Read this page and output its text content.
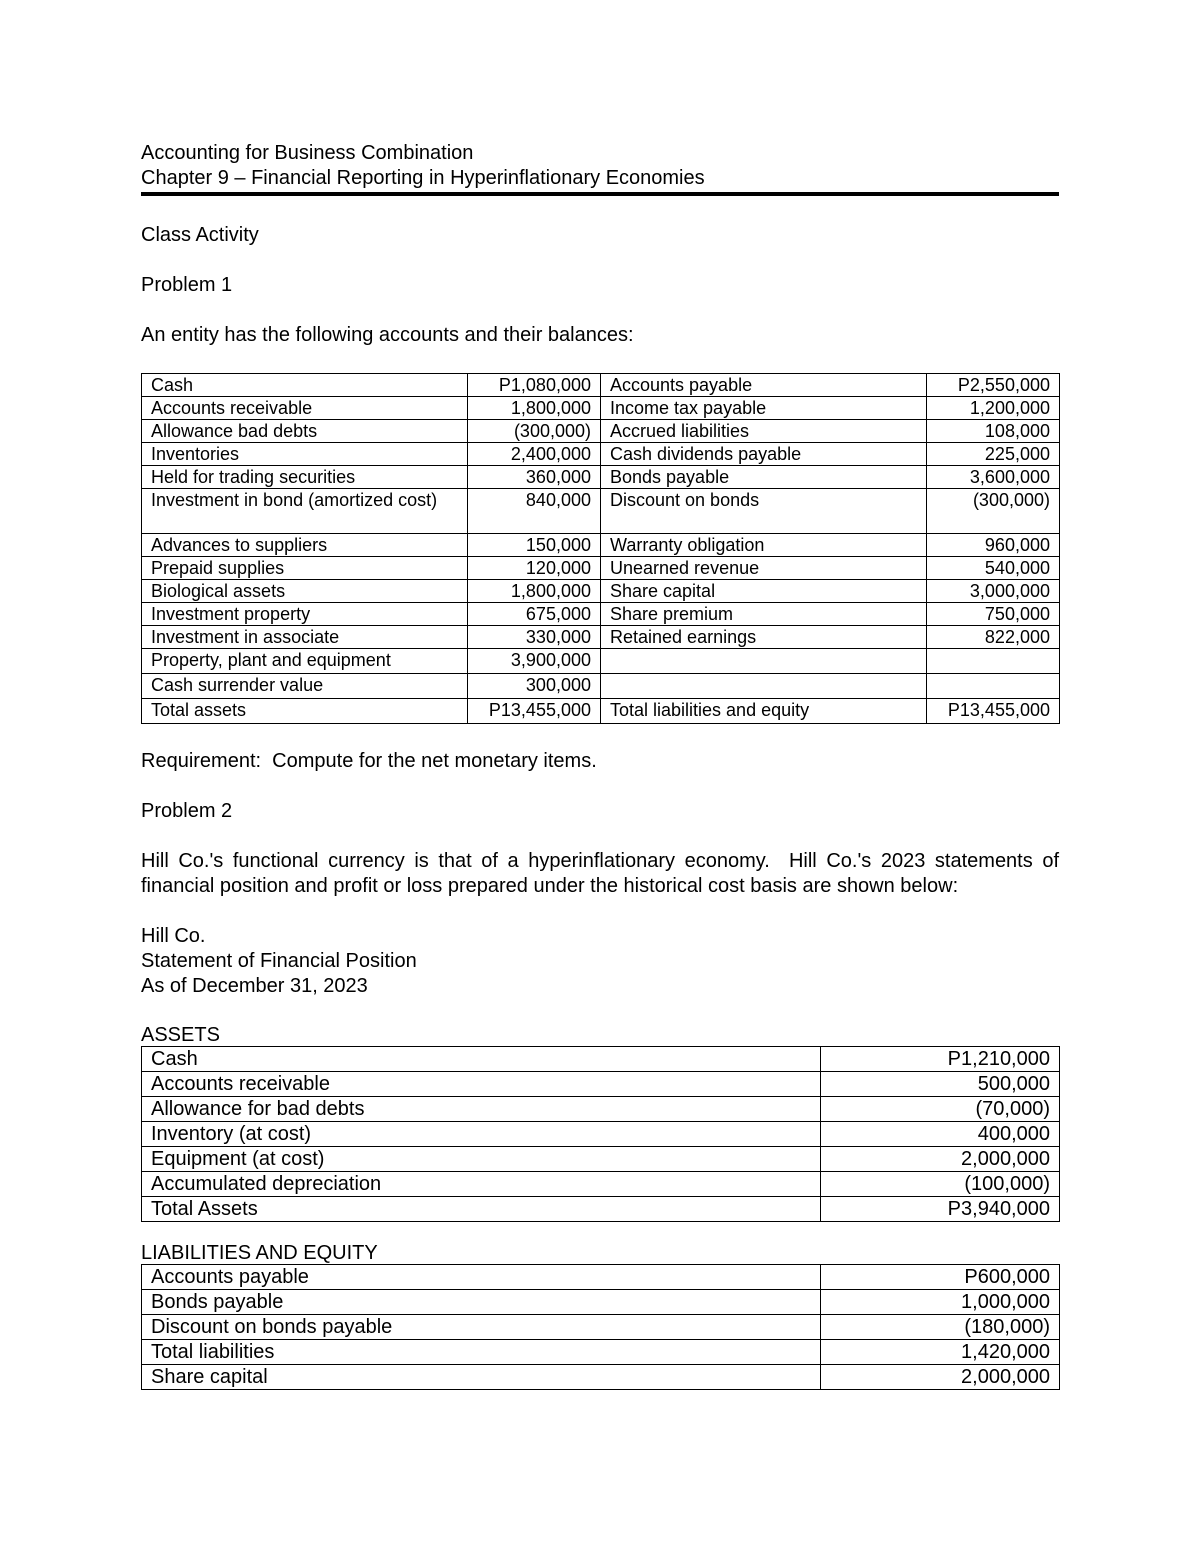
Accounting for Business Combination
Chapter 9 – Financial Reporting in Hyperinflationary Economies
Class Activity
Problem 1
An entity has the following accounts and their balances:
Cash	P1,080,000	Accounts payable	P2,550,000
Accounts receivable	1,800,000	Income tax payable	1,200,000
Allowance bad debts	(300,000)	Accrued liabilities	108,000
Inventories	2,400,000	Cash dividends payable	225,000
Held for trading securities	360,000	Bonds payable	3,600,000
Investment in bond (amortized cost)	840,000	Discount on bonds	(300,000)
Advances to suppliers	150,000	Warranty obligation	960,000
Prepaid supplies	120,000	Unearned revenue	540,000
Biological assets	1,800,000	Share capital	3,000,000
Investment property	675,000	Share premium	750,000
Investment in associate	330,000	Retained earnings	822,000
Property, plant and equipment	3,900,000		
Cash surrender value	300,000		
Total assets	P13,455,000	Total liabilities and equity	P13,455,000
Requirement:  Compute for the net monetary items.
Problem 2

Hill Co.'s functional currency is that of a hyperinflationary economy.  Hill Co.'s 2023 statements of financial position and profit or loss prepared under the historical cost basis are shown below:

Hill Co.
Statement of Financial Position
As of December 31, 2023
ASSETS
Cash	P1,210,000
Accounts receivable	500,000
Allowance for bad debts	(70,000)
Inventory (at cost)	400,000
Equipment (at cost)	2,000,000
Accumulated depreciation	(100,000)
Total Assets	P3,940,000
LIABILITIES AND EQUITY
Accounts payable	P600,000
Bonds payable	1,000,000
Discount on bonds payable	(180,000)
Total liabilities	1,420,000
Share capital	2,000,000
